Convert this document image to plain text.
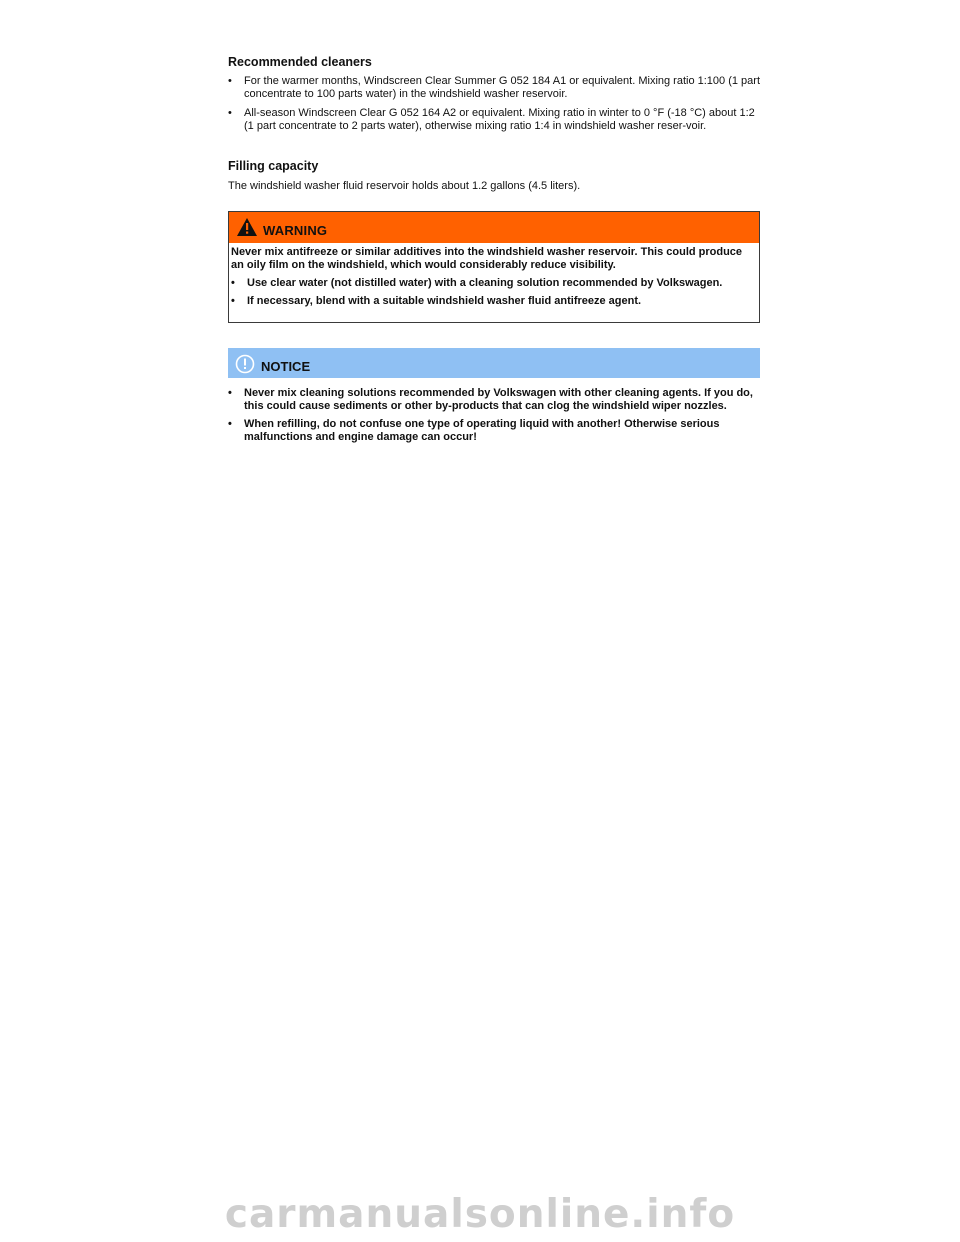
Recommended cleaners
• For the warmer months, Windscreen Clear Summer G 052 184 A1 or equivalent. Mixing ratio 1:100 (1 part concentrate to 100 parts water) in the windshield washer reservoir.
• All-season Windscreen Clear G 052 164 A2 or equivalent. Mixing ratio in winter to 0 °F (-18 °C) about 1:2 (1 part concentrate to 2 parts water), otherwise mixing ratio 1:4 in windshield washer reser-voir.
Filling capacity

The windshield washer fluid reservoir holds about 1.2 gallons (4.5 liters).

WARNING
Never mix antifreeze or similar additives into the windshield washer reservoir. This could produce an oily film on the windshield, which would considerably reduce visibility.
• Use clear water (not distilled water) with a cleaning solution recommended by Volkswagen.
• If necessary, blend with a suitable windshield washer fluid antifreeze agent.
NOTICE
• Never mix cleaning solutions recommended by Volkswagen with other cleaning agents. If you do, this could cause sediments or other by-products that can clog the windshield wiper nozzles.
• When refilling, do not confuse one type of operating liquid with another! Otherwise serious malfunctions and engine damage can occur!
carmanualsonline.info
